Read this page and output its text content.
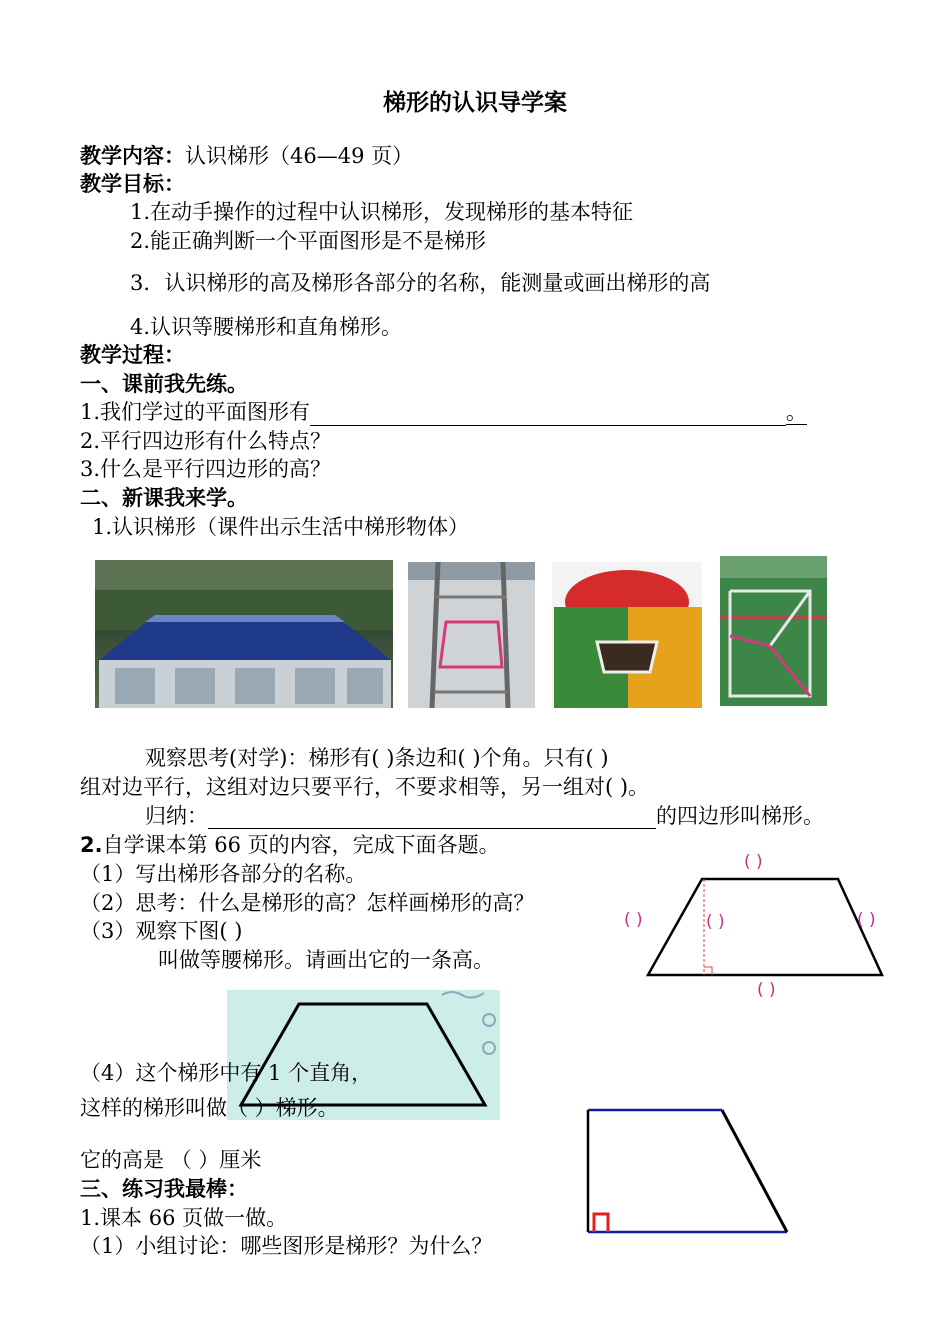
梯形的认识导学案
教学内容：认识梯形（46—49 页）
教学目标：
1.在动手操作的过程中认识梯形，发现梯形的基本特征
2.能正确判断一个平面图形是不是梯形
3．认识梯形的高及梯形各部分的名称，能测量或画出梯形的高
4.认识等腰梯形和直角梯形。
教学过程：
一、课前我先练。
1.我们学过的平面图形有	。
2.平行四边形有什么特点？
3.什么是平行四边形的高？
二、新课我来学。
1.认识梯形（课件出示生活中梯形物体）
观察思考(对学)：梯形有( )条边和( )个角。只有( )
组对边平行，这组对边只要平行，不要求相等，另一组对( )。
归纳：	的四边形叫梯形。
2.自学课本第 66 页的内容，完成下面各题。
（1）写出梯形各部分的名称。
（2）思考：什么是梯形的高？怎样画梯形的高？
（3）观察下图( )
叫做等腰梯形。请画出它的一条高。
( )
( )	( )	( )
( )
（4）这个梯形中有 1 个直角，
这样的梯形叫做（ ）梯形。
它的高是 （ ）厘米
三、练习我最棒：
1.课本 66 页做一做。
（1）小组讨论：哪些图形是梯形？为什么？
